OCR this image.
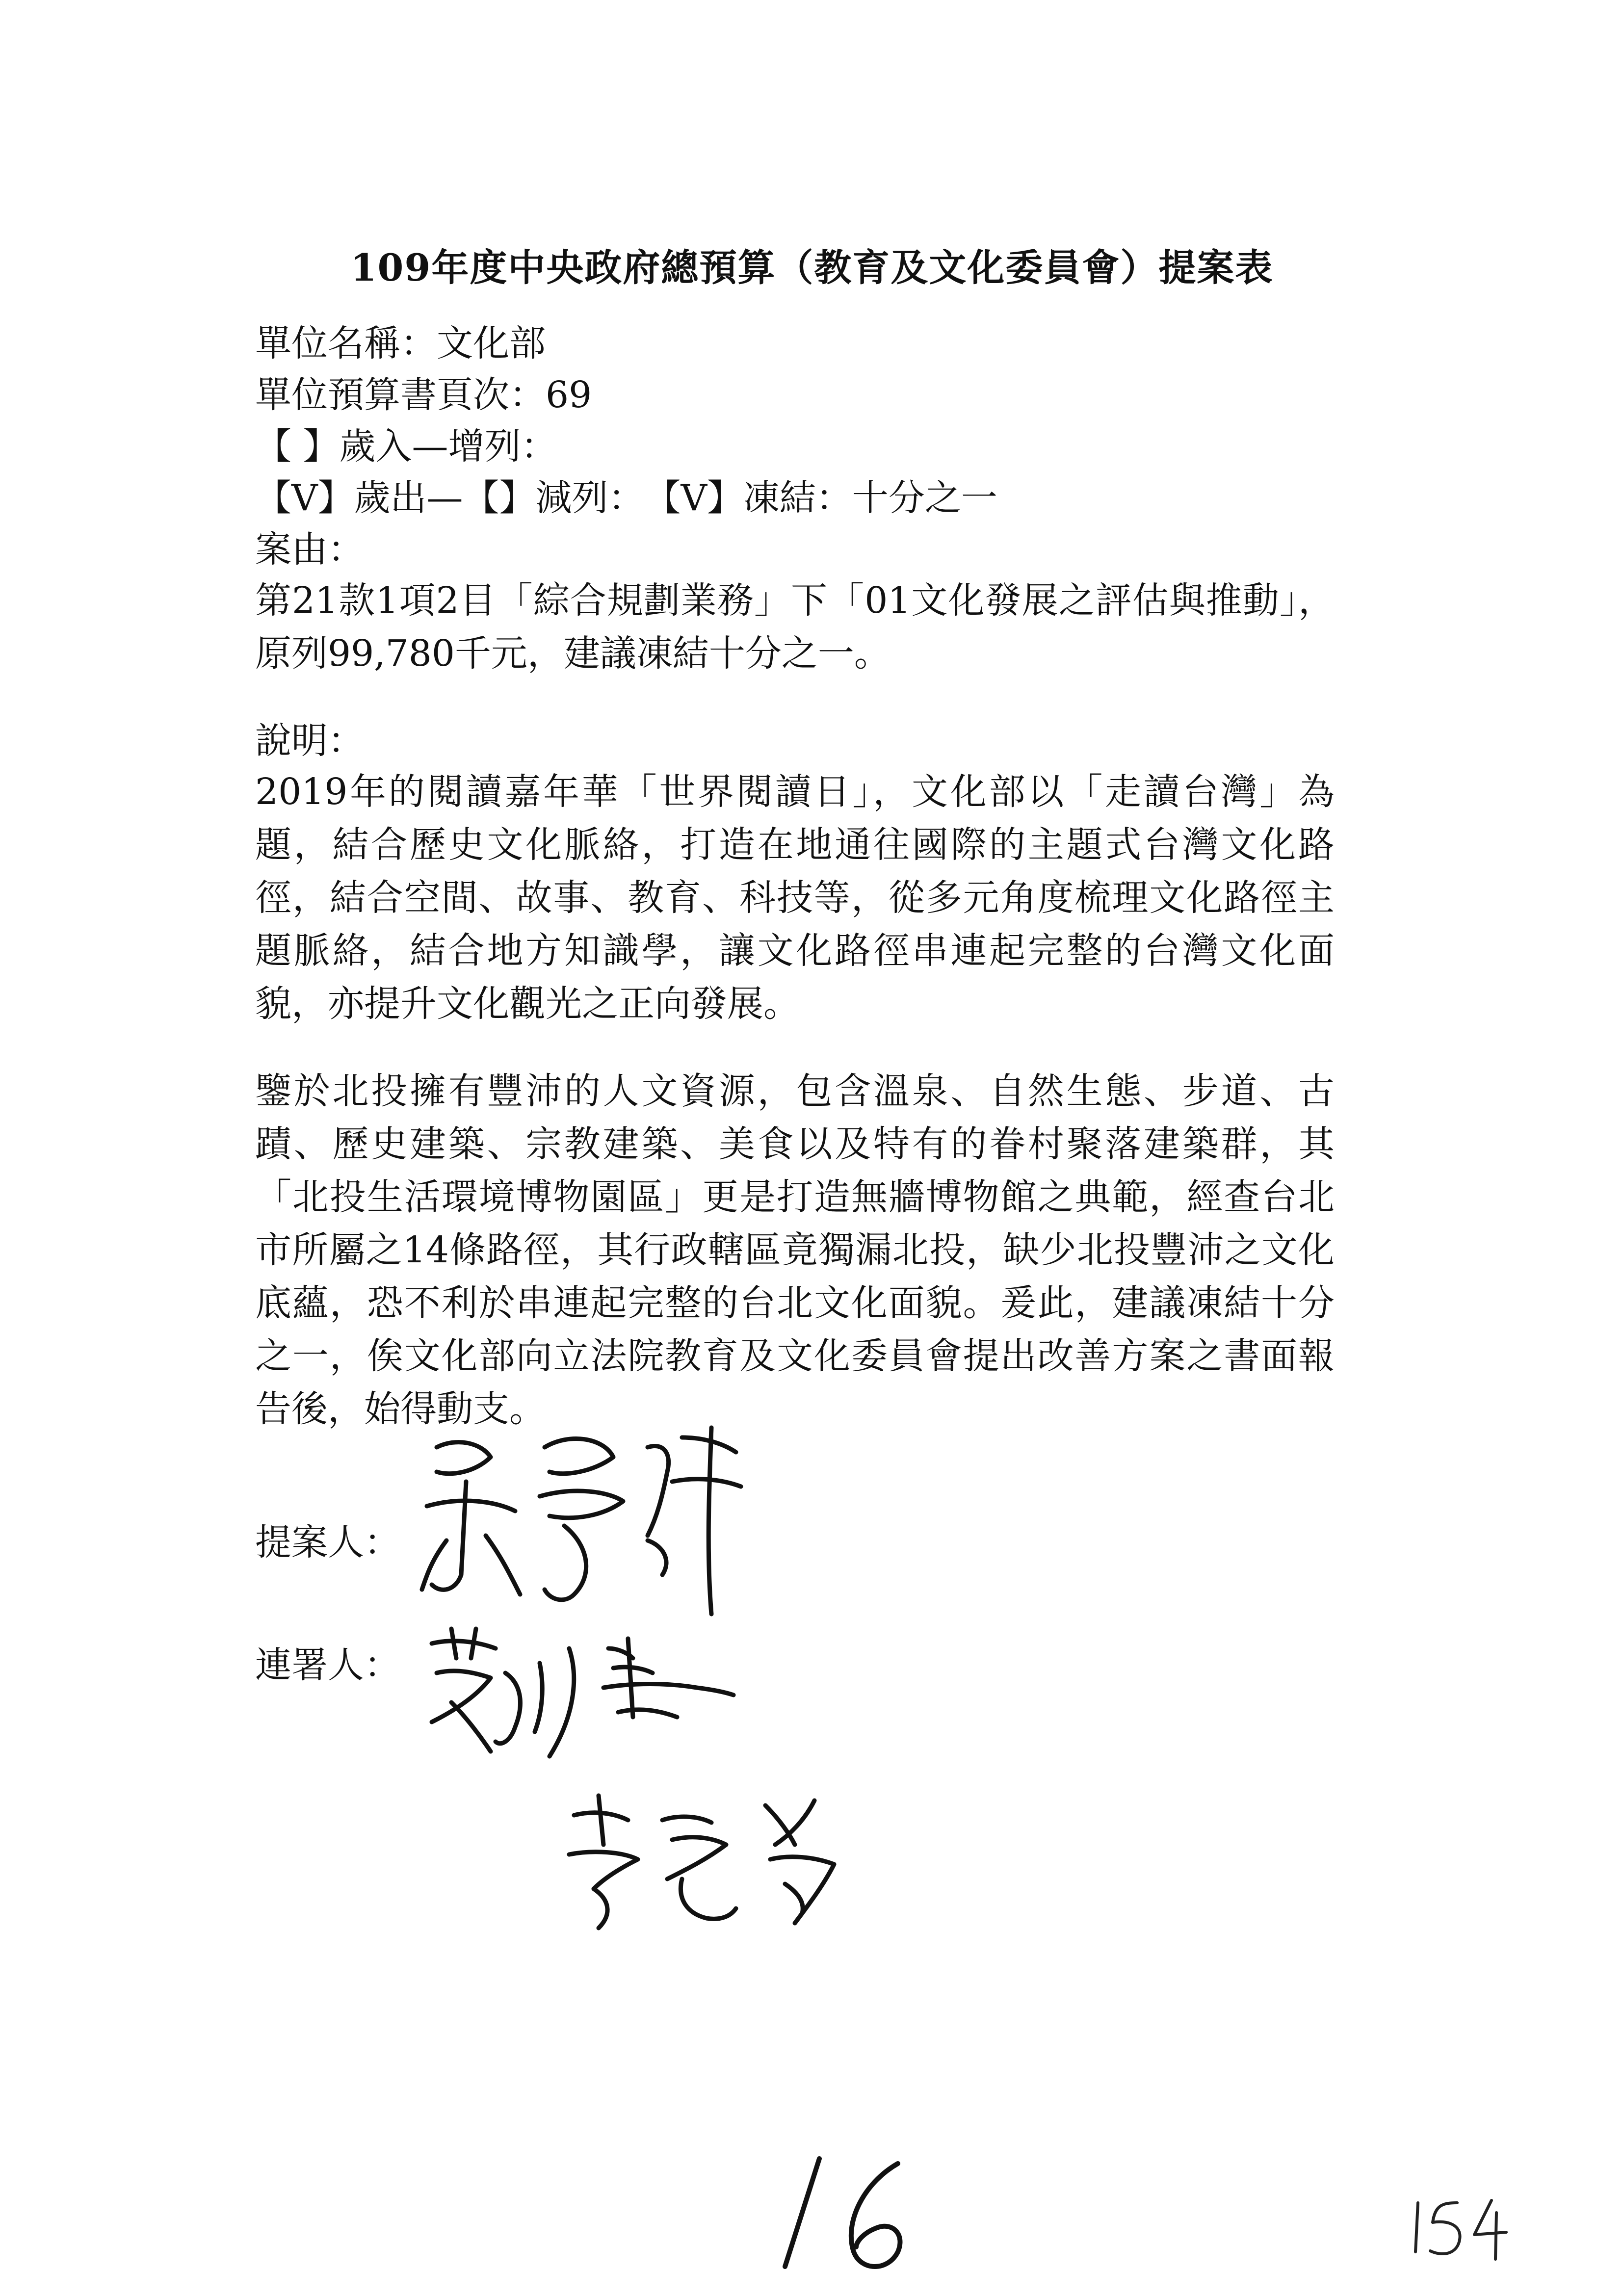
109年度中央政府總預算（教育及文化委員會）提案表
單位名稱：文化部
單位預算書頁次：69
【 】歲入—增列：
【V】歲出—【】減列：　【V】凍結：十分之一
案由：
第21款1項2目「綜合規劃業務」下「01文化發展之評估與推動」，原列99,780千元，建議凍結十分之一。
說明：
2019年的閱讀嘉年華「世界閱讀日」，文化部以「走讀台灣」為題，結合歷史文化脈絡，打造在地通往國際的主題式台灣文化路徑，結合空間、故事、教育、科技等，從多元角度梳理文化路徑主題脈絡，結合地方知識學，讓文化路徑串連起完整的台灣文化面貌，亦提升文化觀光之正向發展。
鑒於北投擁有豐沛的人文資源，包含溫泉、自然生態、步道、古蹟、歷史建築、宗教建築、美食以及特有的眷村聚落建築群，其「北投生活環境博物園區」更是打造無牆博物館之典範，經查台北市所屬之14條路徑，其行政轄區竟獨漏北投，缺少北投豐沛之文化底蘊，恐不利於串連起完整的台北文化面貌。爰此，建議凍結十分之一，俟文化部向立法院教育及文化委員會提出改善方案之書面報告後，始得動支。
提案人：
連署人：
